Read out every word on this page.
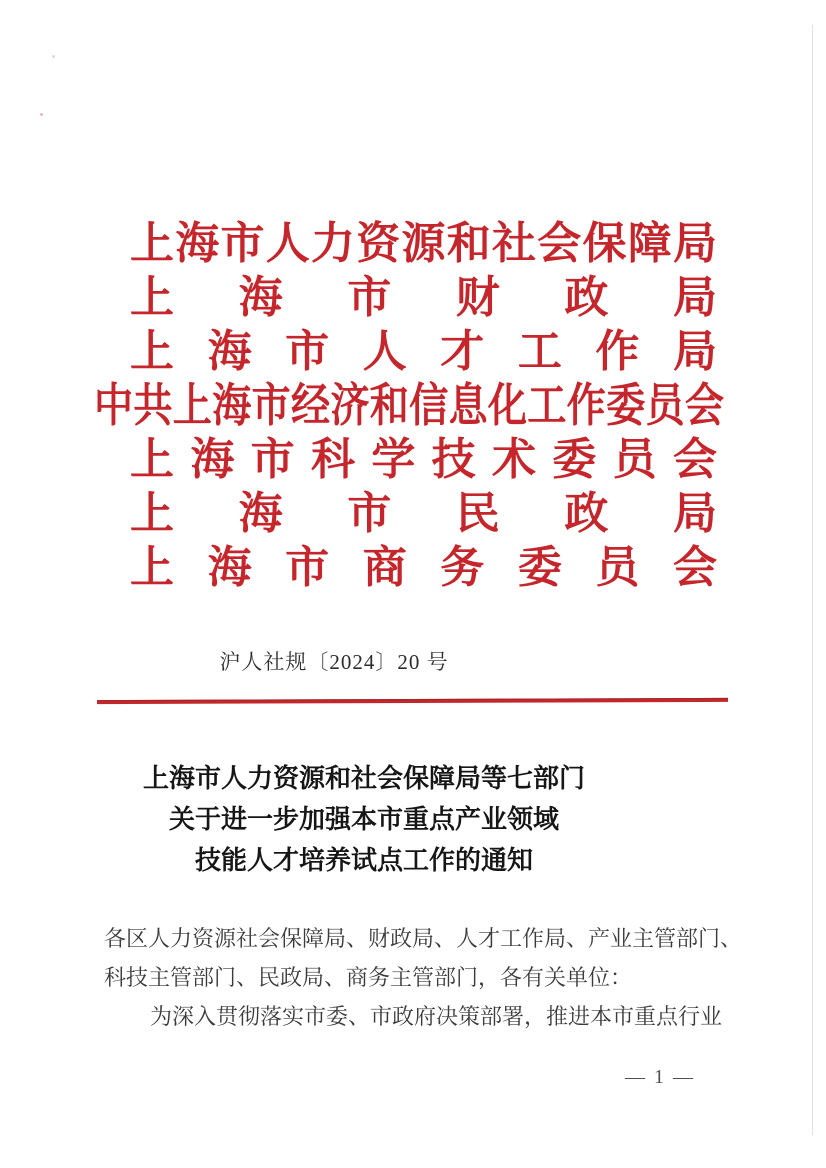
上 海 市 人 力 资 源 和 社 会 保 障 局
上 海 市 财 政 局
上 海 市 人 才 工 作 局
中 共 上 海 市 经 济 和 信 息 化 工 作 委 员 会
上 海 市 科 学 技 术 委 员 会
上 海 市 民 政 局
上 海 市 商 务 委 员 会
沪人社规〔2024〕20 号
上海市人力资源和社会保障局等七部门
关于进一步加强本市重点产业领域
技能人才培养试点工作的通知
各区人力资源社会保障局、财政局、人才工作局、产业主管部门、
科技主管部门、民政局、商务主管部门，各有关单位：
为深入贯彻落实市委、市政府决策部署，推进本市重点行业
— 1 —
